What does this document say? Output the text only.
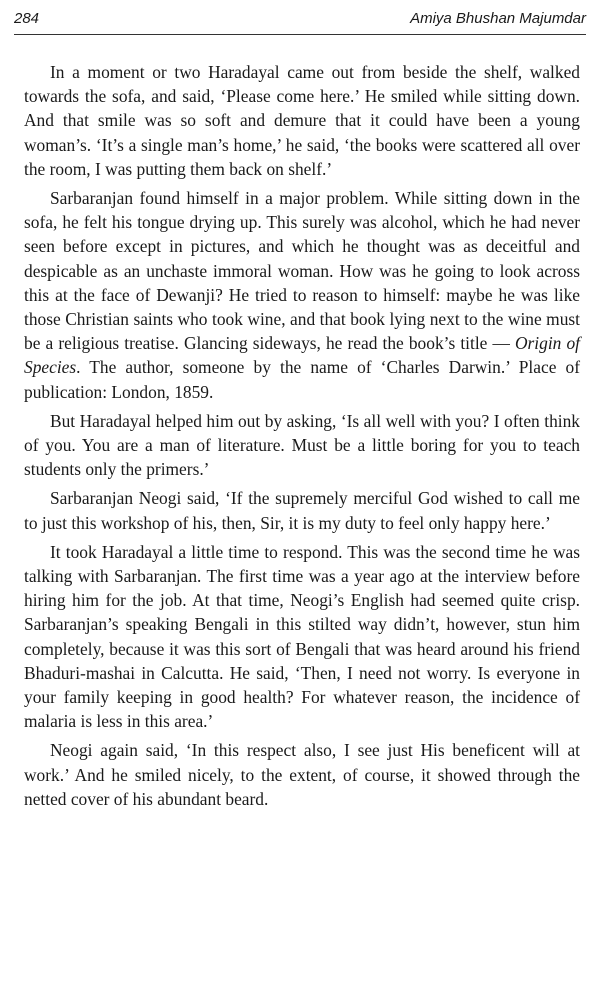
284	Amiya Bhushan Majumdar

In a moment or two Haradayal came out from beside the shelf, walked towards the sofa, and said, ‘Please come here.’ He smiled while sitting down. And that smile was so soft and demure that it could have been a young woman’s. ‘It’s a single man’s home,’ he said, ‘the books were scattered all over the room, I was putting them back on shelf.’

Sarbaranjan found himself in a major problem. While sitting down in the sofa, he felt his tongue drying up. This surely was alcohol, which he had never seen before except in pictures, and which he thought was as deceitful and despicable as an unchaste immoral woman. How was he going to look across this at the face of Dewanji? He tried to reason to himself: maybe he was like those Christian saints who took wine, and that book lying next to the wine must be a religious treatise. Glancing sideways, he read the book’s title — Origin of Species. The author, someone by the name of ‘Charles Darwin.’ Place of publication: London, 1859.

But Haradayal helped him out by asking, ‘Is all well with you? I often think of you. You are a man of literature. Must be a little boring for you to teach students only the primers.’

Sarbaranjan Neogi said, ‘If the supremely merciful God wished to call me to just this workshop of his, then, Sir, it is my duty to feel only happy here.’

It took Haradayal a little time to respond. This was the second time he was talking with Sarbaranjan. The first time was a year ago at the interview before hiring him for the job. At that time, Neogi’s English had seemed quite crisp. Sarbaranjan’s speaking Bengali in this stilted way didn’t, however, stun him completely, because it was this sort of Bengali that was heard around his friend Bhaduri-mashai in Calcutta. He said, ‘Then, I need not worry. Is everyone in your family keeping in good health? For whatever reason, the incidence of malaria is less in this area.’

Neogi again said, ‘In this respect also, I see just His beneficent will at work.’ And he smiled nicely, to the extent, of course, it showed through the netted cover of his abundant beard.
